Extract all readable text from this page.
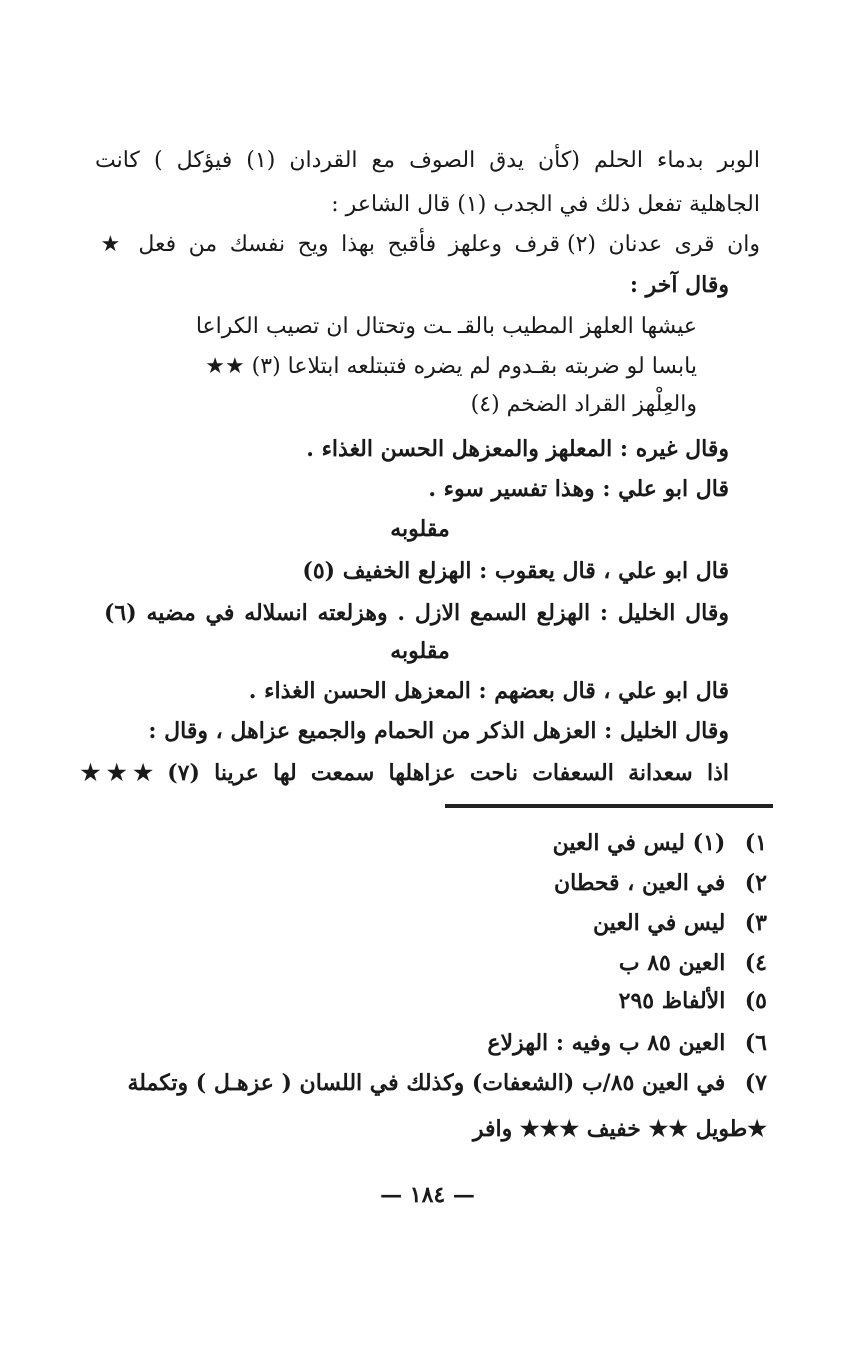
الوبر بدماء الحلم (كأن يدق الصوف مع القردان (١) فيؤكل ) كانت
الجاهلية تفعل ذلك في الجدب (١) قال الشاعر :
وان قرى عدنان (٢) قرف وعلهز فأقبح بهذا ويح نفسك من فعل ★
وقال آخر :
عيشها العلهز المطيب بالقـ ـت وتحتال ان تصيب الكراعا
يابسا لو ضربته بقـدوم لم يضره فتبتلعه ابتلاعا (٣) ★★
والعِلْهز القراد الضخم (٤)
وقال غيره : المعلهز والمعزهل الحسن الغذاء .
قال ابو علي : وهذا تفسير سوء .
مقلوبه
قال ابو علي ، قال يعقوب : الهزلع الخفيف (٥)
وقال الخليل : الهزلع السمع الازل . وهزلعته انسلاله في مضيه (٦)
مقلوبه
قال ابو علي ، قال بعضهم : المعزهل الحسن الغذاء .
وقال الخليل : العزهل الذكر من الحمام والجميع عزاهل ، وقال :
اذا سعدانة السعفات ناحت عزاهلها سمعت لها عرينا (٧) ★★★
١) (١) ليس في العين
٢) في العين ، قحطان
٣) ليس في العين
٤) العين ٨٥ ب
٥) الألفاظ ٢٩٥
٦) العين ٨٥ ب وفيه : الهزلاع
٧) في العين ٨٥/ب (الشعفات) وكذلك في اللسان ( عزهـل ) وتكملة
★طويل ★★ خفيف ★★★ وافر
— ١٨٤ —
